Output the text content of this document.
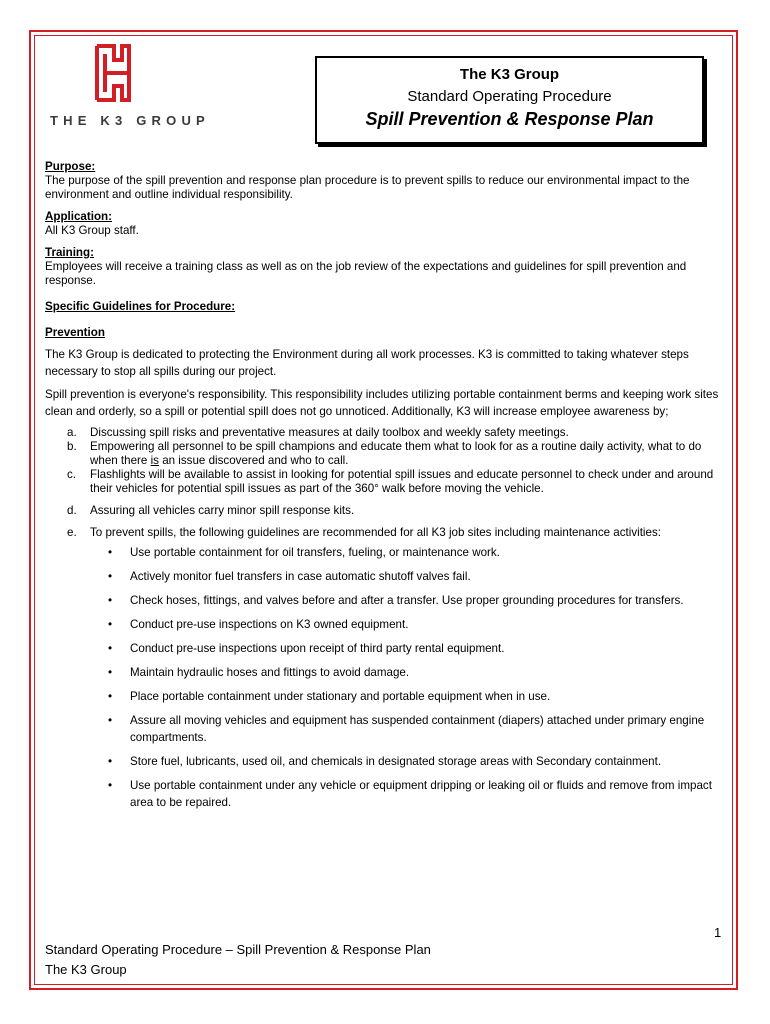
THE K3 GROUP
The K3 Group
Standard Operating Procedure
Spill Prevention & Response Plan
Purpose:
The purpose of the spill prevention and response plan procedure is to prevent spills to reduce our environmental impact to the environment and outline individual responsibility.
Application:
All K3 Group staff.
Training:
Employees will receive a training class as well as on the job review of the expectations and guidelines for spill prevention and response.
Specific Guidelines for Procedure:
Prevention
The K3 Group is dedicated to protecting the Environment during all work processes. K3 is committed to taking whatever steps necessary to stop all spills during our project.
Spill prevention is everyone's responsibility. This responsibility includes utilizing portable containment berms and keeping work sites clean and orderly, so a spill or potential spill does not go unnoticed. Additionally, K3 will increase employee awareness by;
a. Discussing spill risks and preventative measures at daily toolbox and weekly safety meetings.
b. Empowering all personnel to be spill champions and educate them what to look for as a routine daily activity, what to do when there is an issue discovered and who to call.
c. Flashlights will be available to assist in looking for potential spill issues and educate personnel to check under and around their vehicles for potential spill issues as part of the 360° walk before moving the vehicle.
d. Assuring all vehicles carry minor spill response kits.
e. To prevent spills, the following guidelines are recommended for all K3 job sites including maintenance activities:
• Use portable containment for oil transfers, fueling, or maintenance work.
• Actively monitor fuel transfers in case automatic shutoff valves fail.
• Check hoses, fittings, and valves before and after a transfer. Use proper grounding procedures for transfers.
• Conduct pre-use inspections on K3 owned equipment.
• Conduct pre-use inspections upon receipt of third party rental equipment.
• Maintain hydraulic hoses and fittings to avoid damage.
• Place portable containment under stationary and portable equipment when in use.
• Assure all moving vehicles and equipment has suspended containment (diapers) attached under primary engine compartments.
• Store fuel, lubricants, used oil, and chemicals in designated storage areas with Secondary containment.
• Use portable containment under any vehicle or equipment dripping or leaking oil or fluids and remove from impact area to be repaired.
1
Standard Operating Procedure – Spill Prevention & Response Plan
The K3 Group
